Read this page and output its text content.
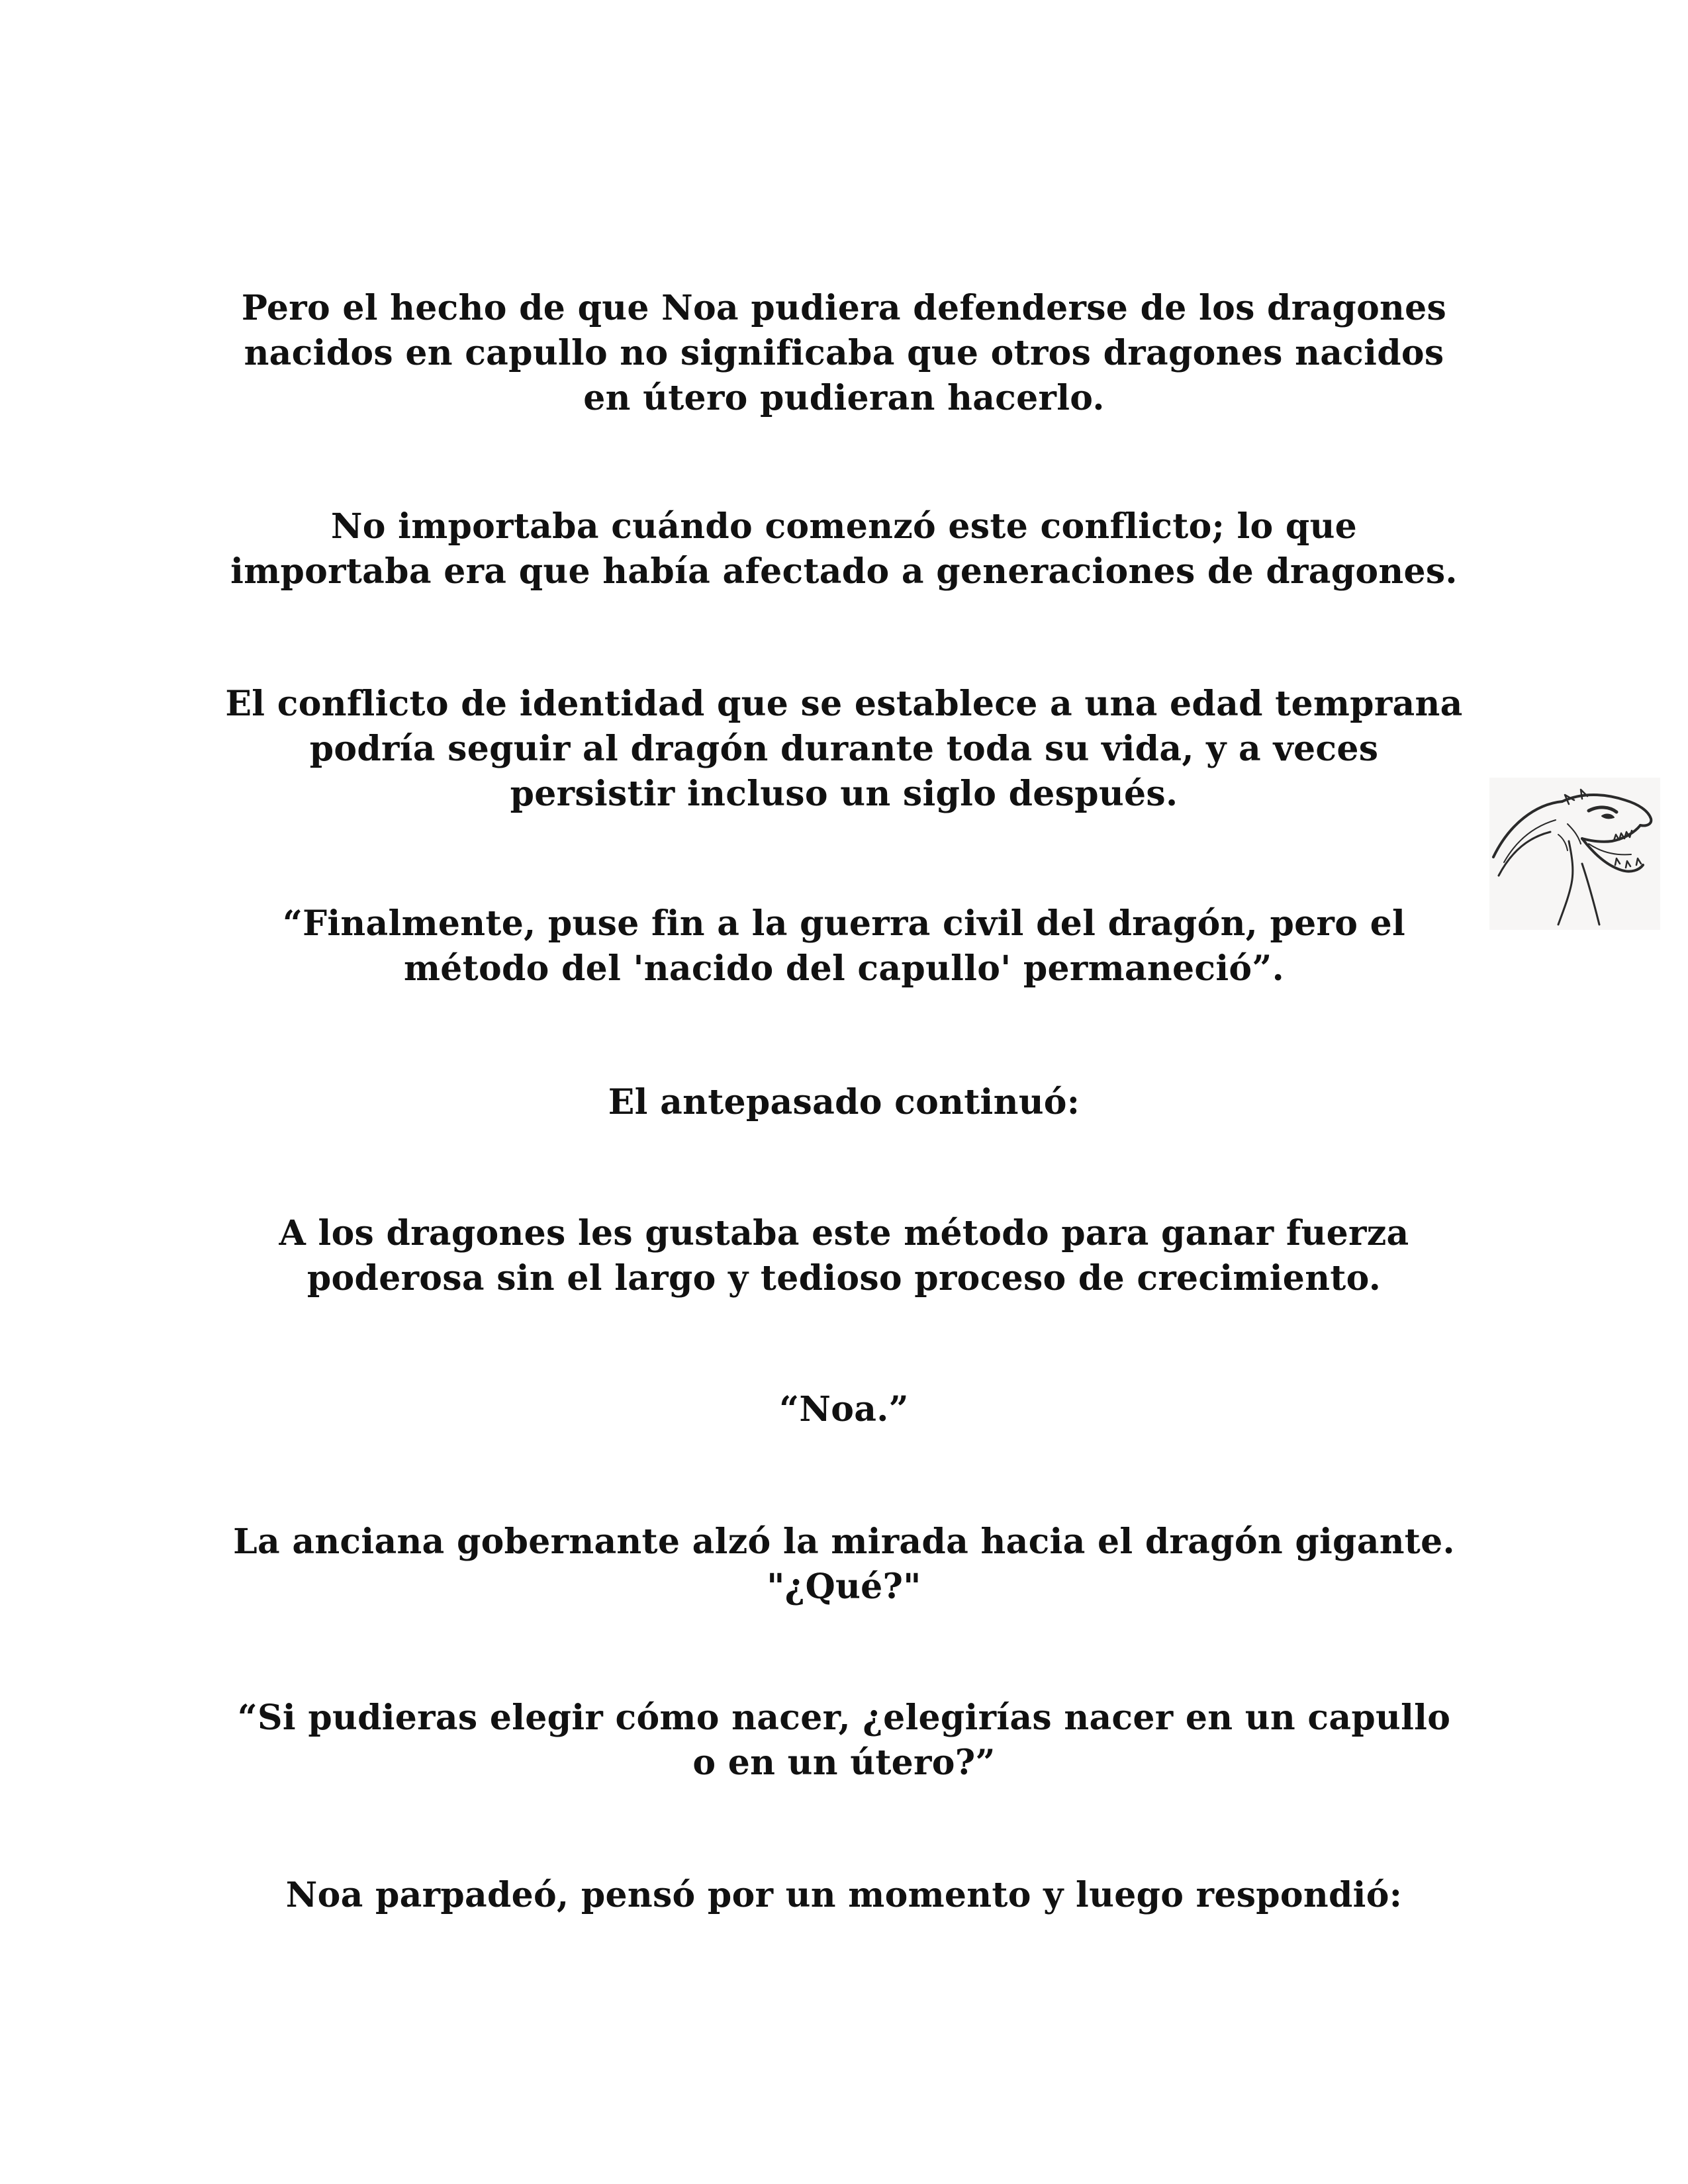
Pero el hecho de que Noa pudiera defenderse de los dragones
nacidos en capullo no significaba que otros dragones nacidos
en útero pudieran hacerlo.
No importaba cuándo comenzó este conflicto; lo que
importaba era que había afectado a generaciones de dragones.
El conflicto de identidad que se establece a una edad temprana
podría seguir al dragón durante toda su vida, y a veces
persistir incluso un siglo después.
“Finalmente, puse fin a la guerra civil del dragón, pero el
método del 'nacido del capullo' permaneció”.
El antepasado continuó:
A los dragones les gustaba este método para ganar fuerza
poderosa sin el largo y tedioso proceso de crecimiento.
“Noa.”
La anciana gobernante alzó la mirada hacia el dragón gigante.
"¿Qué?"
“Si pudieras elegir cómo nacer, ¿elegirías nacer en un capullo
o en un útero?”
Noa parpadeó, pensó por un momento y luego respondió:
